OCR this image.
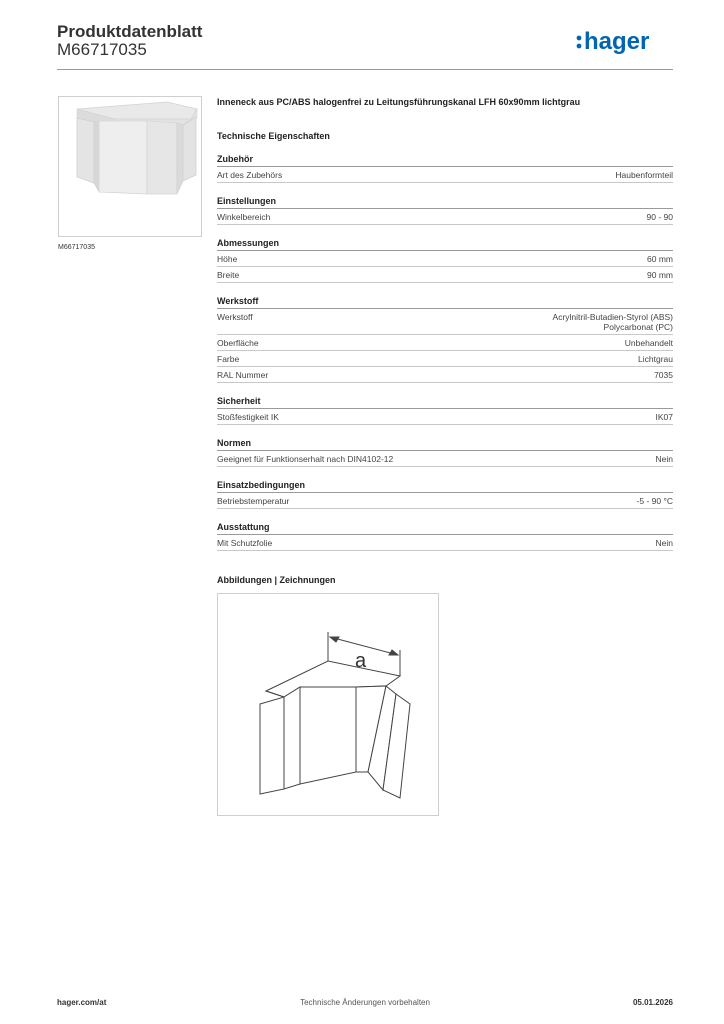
Produktdatenblatt
M66717035	hager
M66717035
Inneneck aus PC/ABS halogenfrei zu Leitungsführungskanal LFH 60x90mm lichtgrau
Technische Eigenschaften
Zubehör
Art des Zubehörs	Haubenformteil
Einstellungen
Winkelbereich	90 - 90
Abmessungen
Höhe	60 mm
Breite	90 mm
Werkstoff
Werkstoff	Acrylnitril-Butadien-Styrol (ABS)
Polycarbonat (PC)
Oberfläche	Unbehandelt
Farbe	Lichtgrau
RAL Nummer	7035
Sicherheit
Stoßfestigkeit IK	IK07
Normen
Geeignet für Funktionserhalt nach DIN4102-12	Nein
Einsatzbedingungen
Betriebstemperatur	-5 - 90 °C
Ausstattung
Mit Schutzfolie	Nein
Abbildungen | Zeichnungen
a
hager.com/at	Technische Änderungen vorbehalten	05.01.2026
